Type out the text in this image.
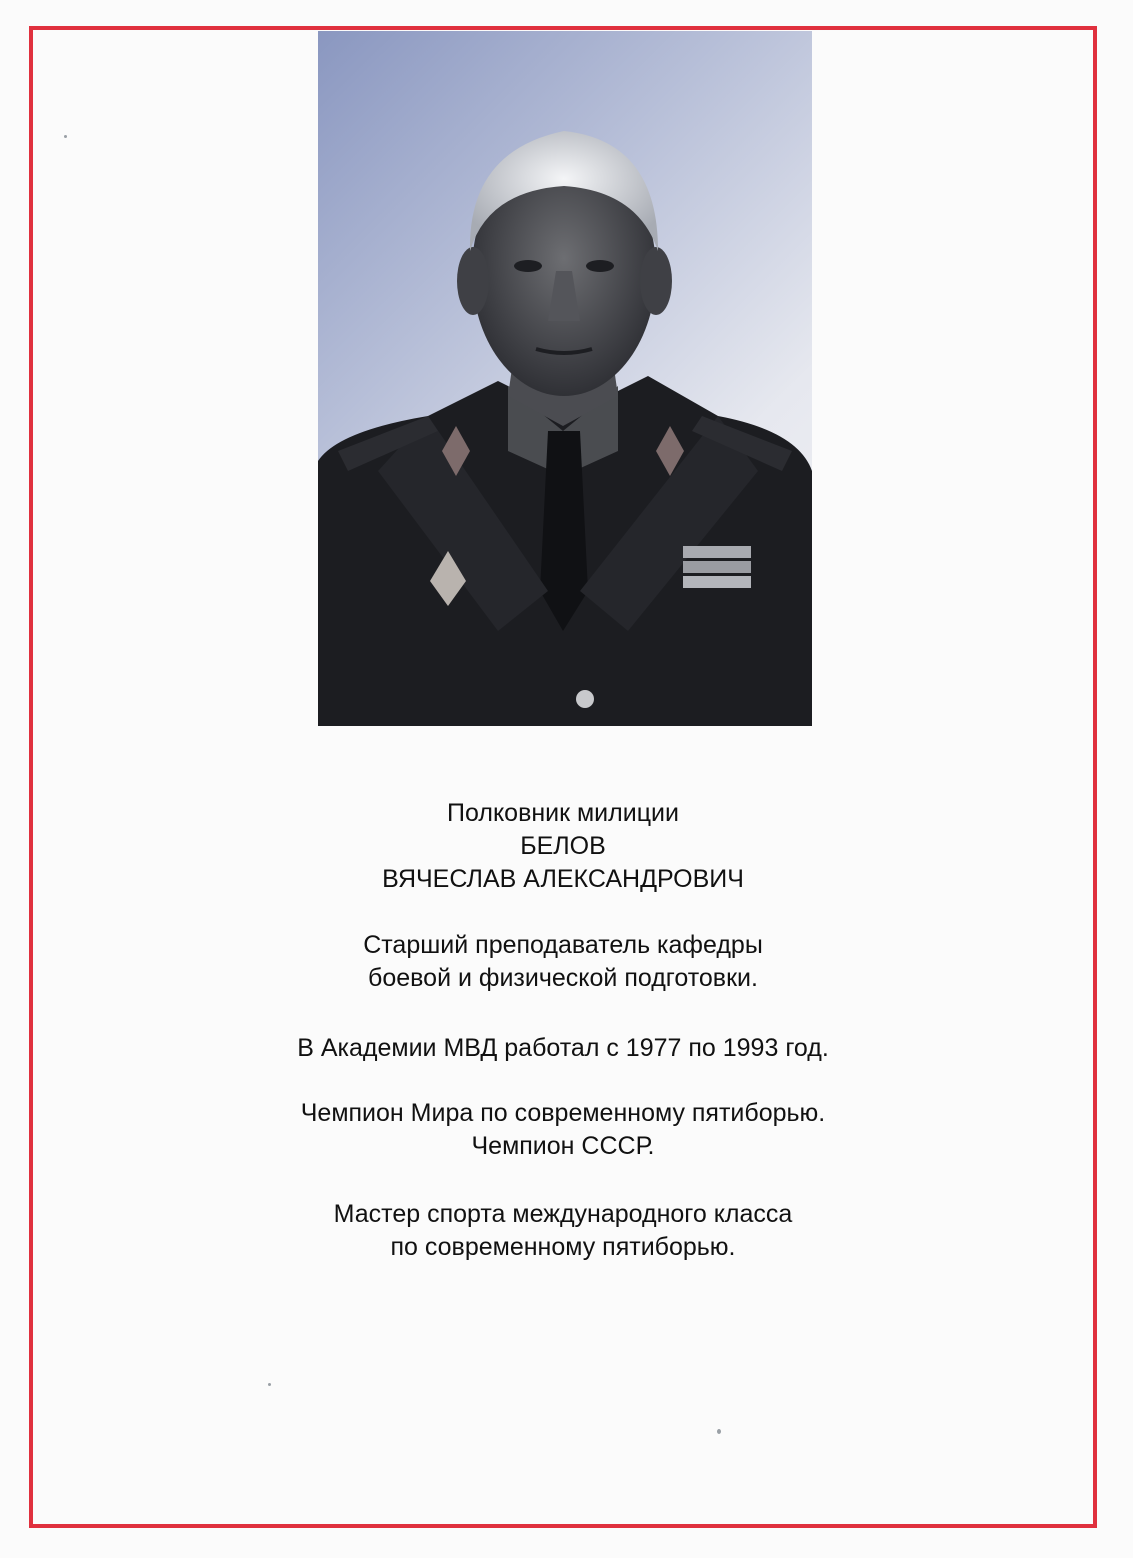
Полковник милиции
БЕЛОВ
ВЯЧЕСЛАВ АЛЕКСАНДРОВИЧ
Старший преподаватель кафедры
боевой и физической подготовки.
В Академии МВД работал с 1977 по 1993 год.
Чемпион Мира по современному пятиборью.
Чемпион СССР.
Мастер спорта международного класса
по современному пятиборью.
